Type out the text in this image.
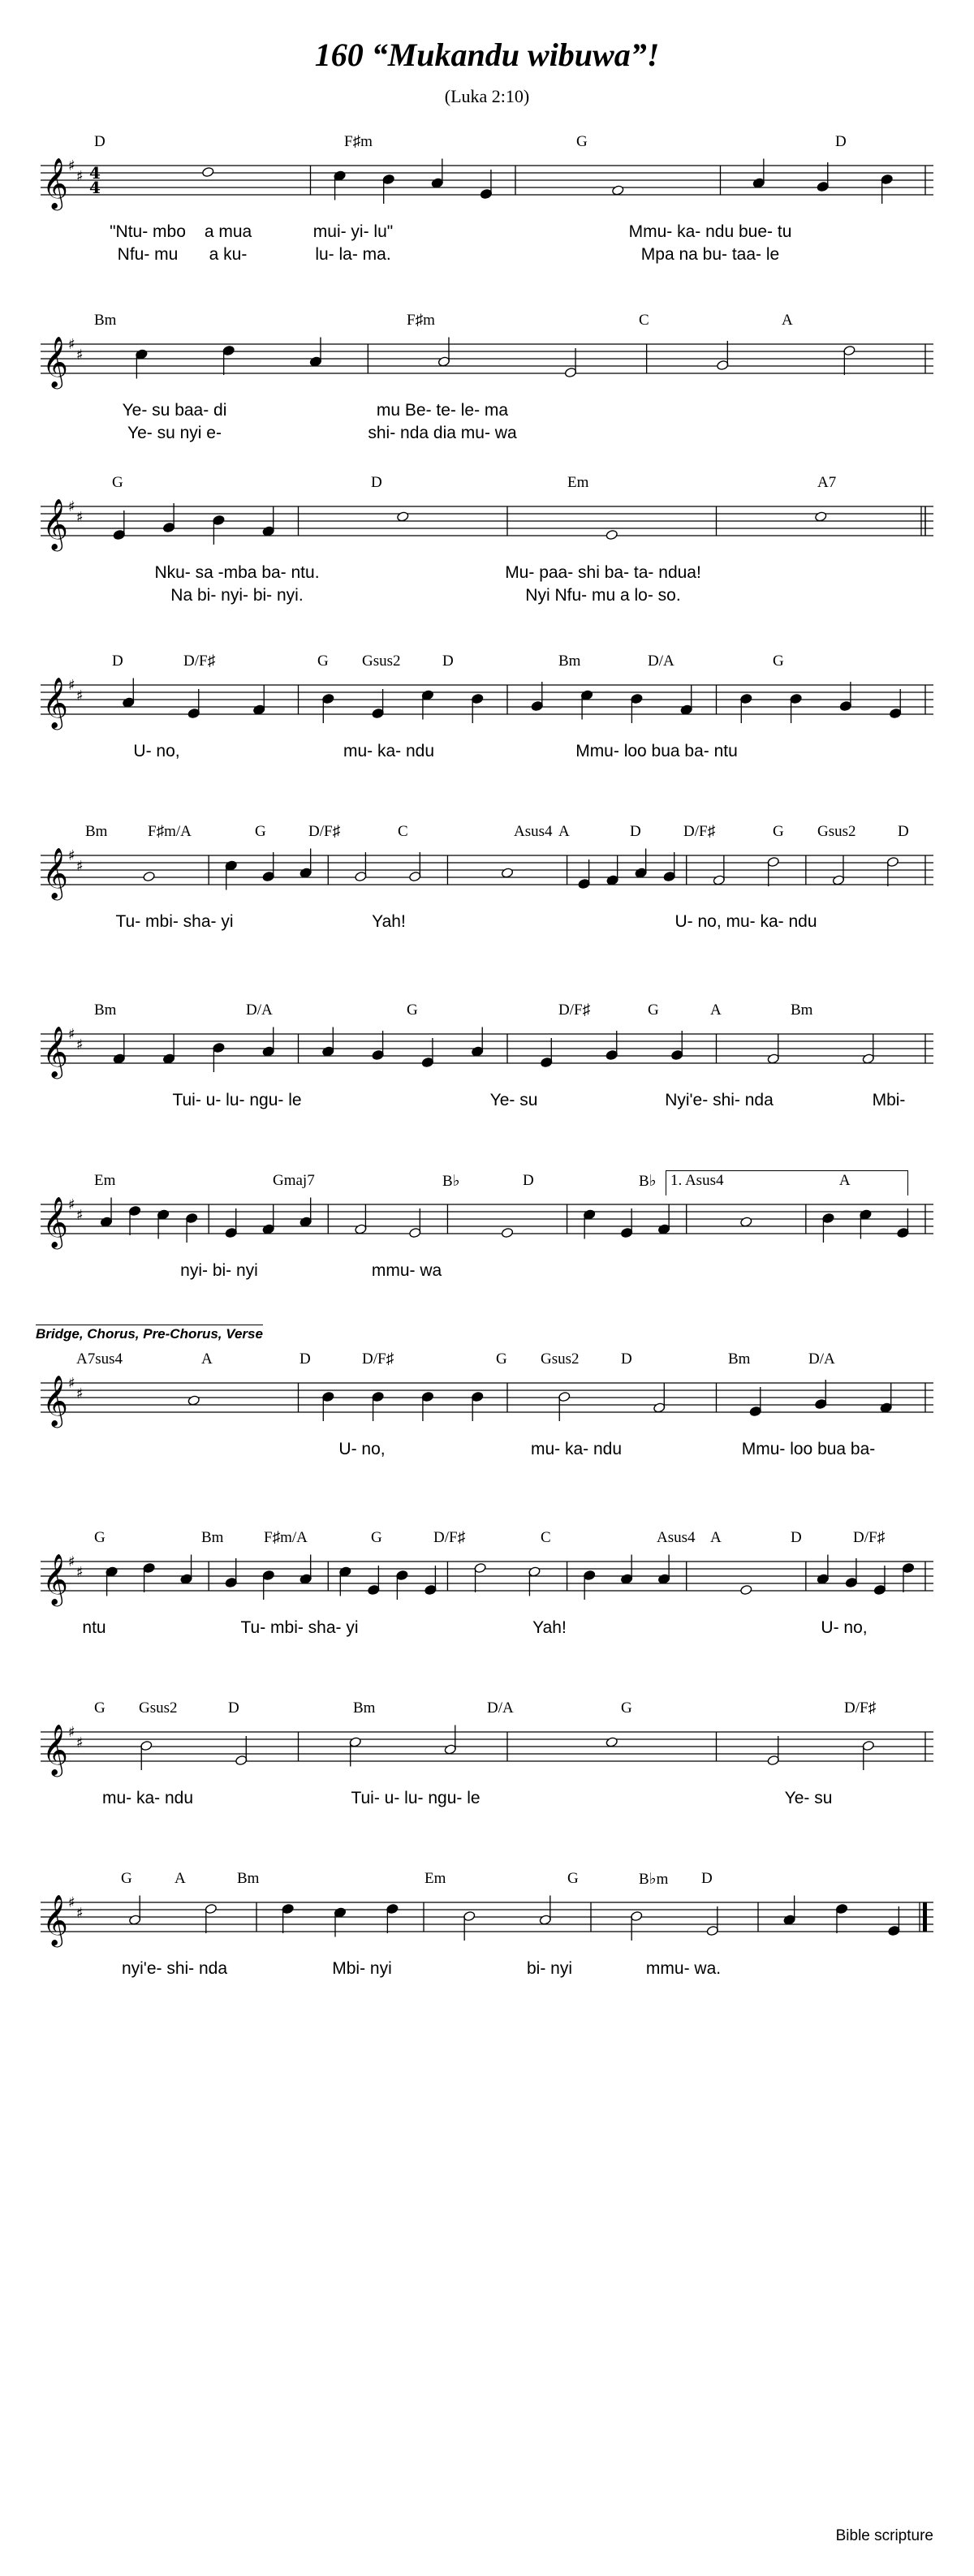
160 “Mukandu wibuwa”!
(Luka 2:10)
D	F♯m	G	D
𝄞 ♯
♯ 4
4
"Ntu- mbo a mua	mui- yi- lu"	Mmu- ka- ndu bue- tu
Nfu- mu a ku-	lu- la- ma.	Mpa na bu- taa- le
Bm	F♯m	C	A
𝄞 ♯
♯
Ye- su baa- di	mu Be- te- le- ma
Ye- su nyi e-	shi- nda dia mu- wa
G	D	Em	A7
𝄞 ♯
♯
Nku- sa -mba ba- ntu.	Mu- paa- shi ba- ta- ndua!
Na bi- nyi- bi- nyi.	Nyi Nfu- mu a lo- so.
D	D/F♯	G Gsus2	D	Bm	D/A	G
𝄞 ♯
♯
U- no,	mu- ka- ndu	Mmu- loo bua ba- ntu
Bm	F♯m/A	G	D/F♯	C	Asus4 A	D	D/F♯	G Gsus2	D
𝄞 ♯
♯
Tu- mbi- sha- yi	Yah!	U- no, mu- ka- ndu
Bm	D/A	G	D/F♯	G	A	Bm
𝄞 ♯
♯
Tui- u- lu- ngu- le	Ye- su	Nyi'e- shi- nda	Mbi-
Em	Gmaj7	B♭	D	B♭
𝄞 ♯
♯
1. Asus4	A
nyi- bi- nyi	mmu- wa
Bridge, Chorus, Pre-Chorus, Verse
A7sus4	A	D	D/F♯	G Gsus2	D	Bm	D/A
𝄞 ♯
♯
U- no,	mu- ka- ndu	Mmu- loo bua ba-
G	Bm	F♯m/A	G	D/F♯	C	Asus4 A	D	D/F♯
𝄞 ♯
♯
ntu	Tu- mbi- sha- yi	Yah!	U- no,
G Gsus2	D	Bm	D/A	G	D/F♯
𝄞 ♯
♯
mu- ka- ndu	Tui- u- lu- ngu- le	Ye- su
G	A	Bm	Em	G	B♭m D
𝄞 ♯
♯
nyi'e- shi- nda	Mbi- nyi	bi- nyi	mmu- wa.
Bible scripture
